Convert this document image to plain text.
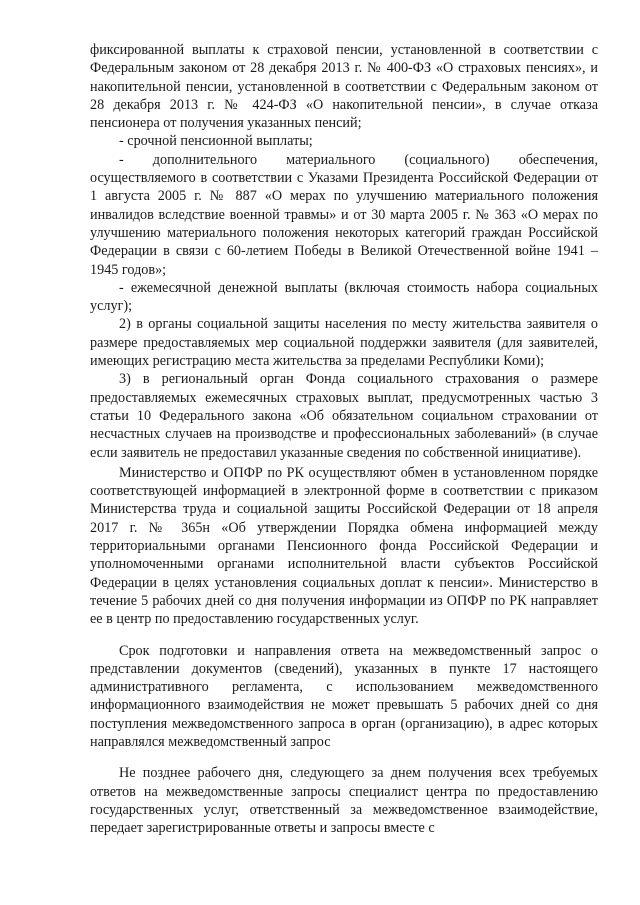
фиксированной выплаты к страховой пенсии, установленной в соответствии с Федеральным законом от 28 декабря 2013 г. № 400-ФЗ «О страховых пенсиях», и накопительной пенсии, установленной в соответствии с Федеральным законом от 28 декабря 2013 г. № 424-ФЗ «О накопительной пенсии», в случае отказа пенсионера от получения указанных пенсий;

- срочной пенсионной выплаты;

- дополнительного материального (социального) обеспечения, осуществляемого в соответствии с Указами Президента Российской Федерации от 1 августа 2005 г. № 887 «О мерах по улучшению материального положения инвалидов вследствие военной травмы» и от 30 марта 2005 г. № 363 «О мерах по улучшению материального положения некоторых категорий граждан Российской Федерации в связи с 60-летием Победы в Великой Отечественной войне 1941 – 1945 годов»;

- ежемесячной денежной выплаты (включая стоимость набора социальных услуг);

2) в органы социальной защиты населения по месту жительства заявителя о размере предоставляемых мер социальной поддержки заявителя (для заявителей, имеющих регистрацию места жительства за пределами Республики Коми);

3) в региональный орган Фонда социального страхования о размере предоставляемых ежемесячных страховых выплат, предусмотренных частью 3 статьи 10 Федерального закона «Об обязательном социальном страховании от несчастных случаев на производстве и профессиональных заболеваний» (в случае если заявитель не предоставил указанные сведения по собственной инициативе).

Министерство и ОПФР по РК осуществляют обмен в установленном порядке соответствующей информацией в электронной форме в соответствии с приказом Министерства труда и социальной защиты Российской Федерации от 18 апреля 2017 г. № 365н «Об утверждении Порядка обмена информацией между территориальными органами Пенсионного фонда Российской Федерации и уполномоченными органами исполнительной власти субъектов Российской Федерации в целях установления социальных доплат к пенсии». Министерство в течение 5 рабочих дней со дня получения информации из ОПФР по РК направляет ее в центр по предоставлению государственных услуг.

Срок подготовки и направления ответа на межведомственный запрос о представлении документов (сведений), указанных в пункте 17 настоящего административного регламента, с использованием межведомственного информационного взаимодействия не может превышать 5 рабочих дней со дня поступления межведомственного запроса в орган (организацию), в адрес которых направлялся межведомственный запрос

Не позднее рабочего дня, следующего за днем получения всех требуемых ответов на межведомственные запросы специалист центра по предоставлению государственных услуг, ответственный за межведомственное взаимодействие, передает зарегистрированные ответы и запросы вместе с
